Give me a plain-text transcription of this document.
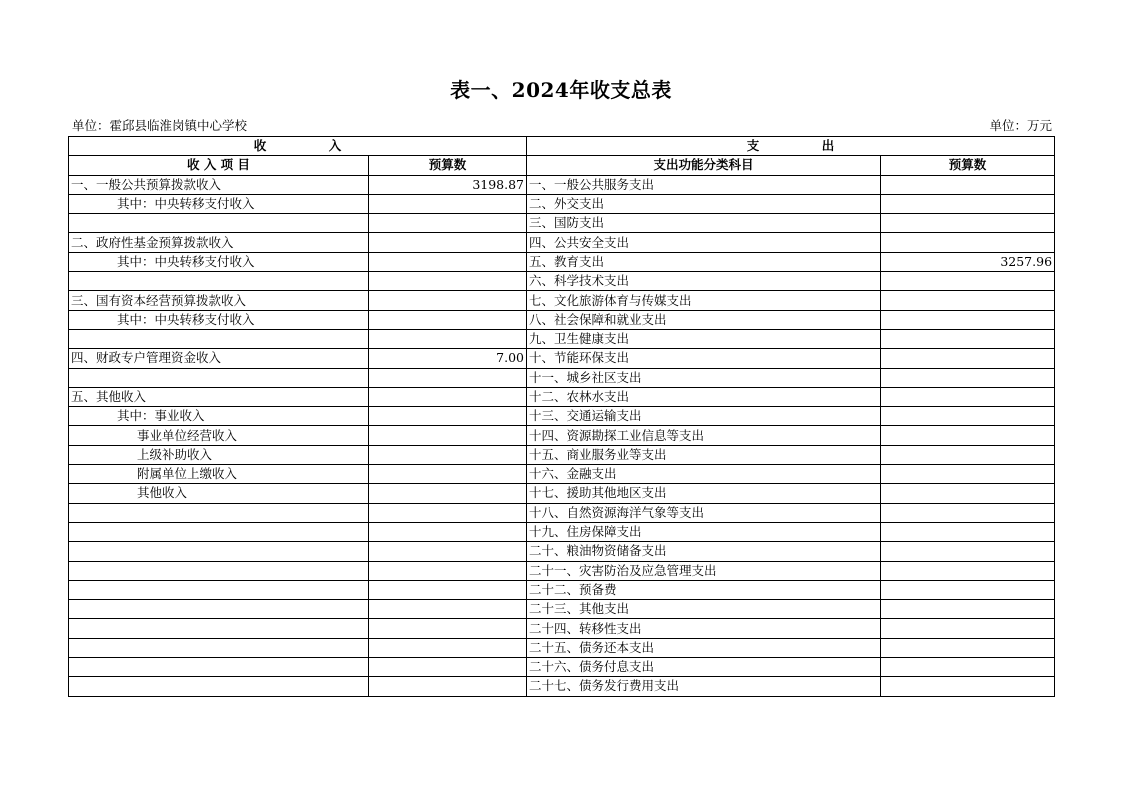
表一、2024年收支总表
单位：霍邱县临淮岗镇中心学校	单位：万元
收　　　　　入		支　　　　　出	
收 入 项 目	预算数	支出功能分类科目	预算数
一、一般公共预算拨款收入	3198.87	一、一般公共服务支出	
其中：中央转移支付收入		二、外交支出	
		三、国防支出	
二、政府性基金预算拨款收入		四、公共安全支出	
其中：中央转移支付收入		五、教育支出	3257.96
		六、科学技术支出	
三、国有资本经营预算拨款收入		七、文化旅游体育与传媒支出	
其中：中央转移支付收入		八、社会保障和就业支出	
		九、卫生健康支出	
四、财政专户管理资金收入	7.00	十、节能环保支出	
		十一、城乡社区支出	
五、其他收入		十二、农林水支出	
其中：事业收入		十三、交通运输支出	
事业单位经营收入		十四、资源勘探工业信息等支出	
上级补助收入		十五、商业服务业等支出	
附属单位上缴收入		十六、金融支出	
其他收入		十七、援助其他地区支出	
		十八、自然资源海洋气象等支出	
		十九、住房保障支出	
		二十、粮油物资储备支出	
		二十一、灾害防治及应急管理支出	
		二十二、预备费	
		二十三、其他支出	
		二十四、转移性支出	
		二十五、债务还本支出	
		二十六、债务付息支出	
		二十七、债务发行费用支出	
